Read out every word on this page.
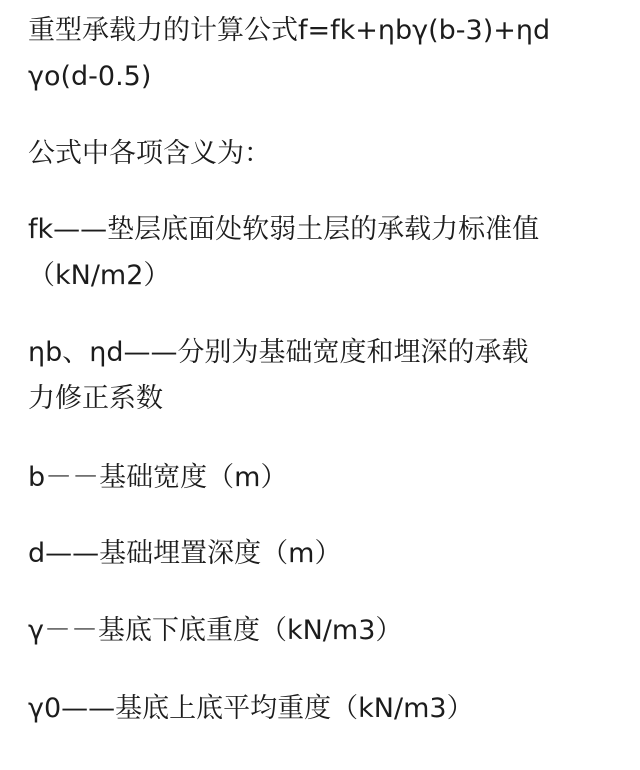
重型承载力的计算公式f=fk+ηbγ(b-3)+ηd
γo(d-0.5)

公式中各项含义为：

fk——垫层底面处软弱土层的承载力标准值
（kN/m2）

ηb、ηd——分别为基础宽度和埋深的承载
力修正系数

b－－基础宽度（m）

d——基础埋置深度（m）

γ－－基底下底重度（kN/m3）

γ0——基底上底平均重度（kN/m3）
